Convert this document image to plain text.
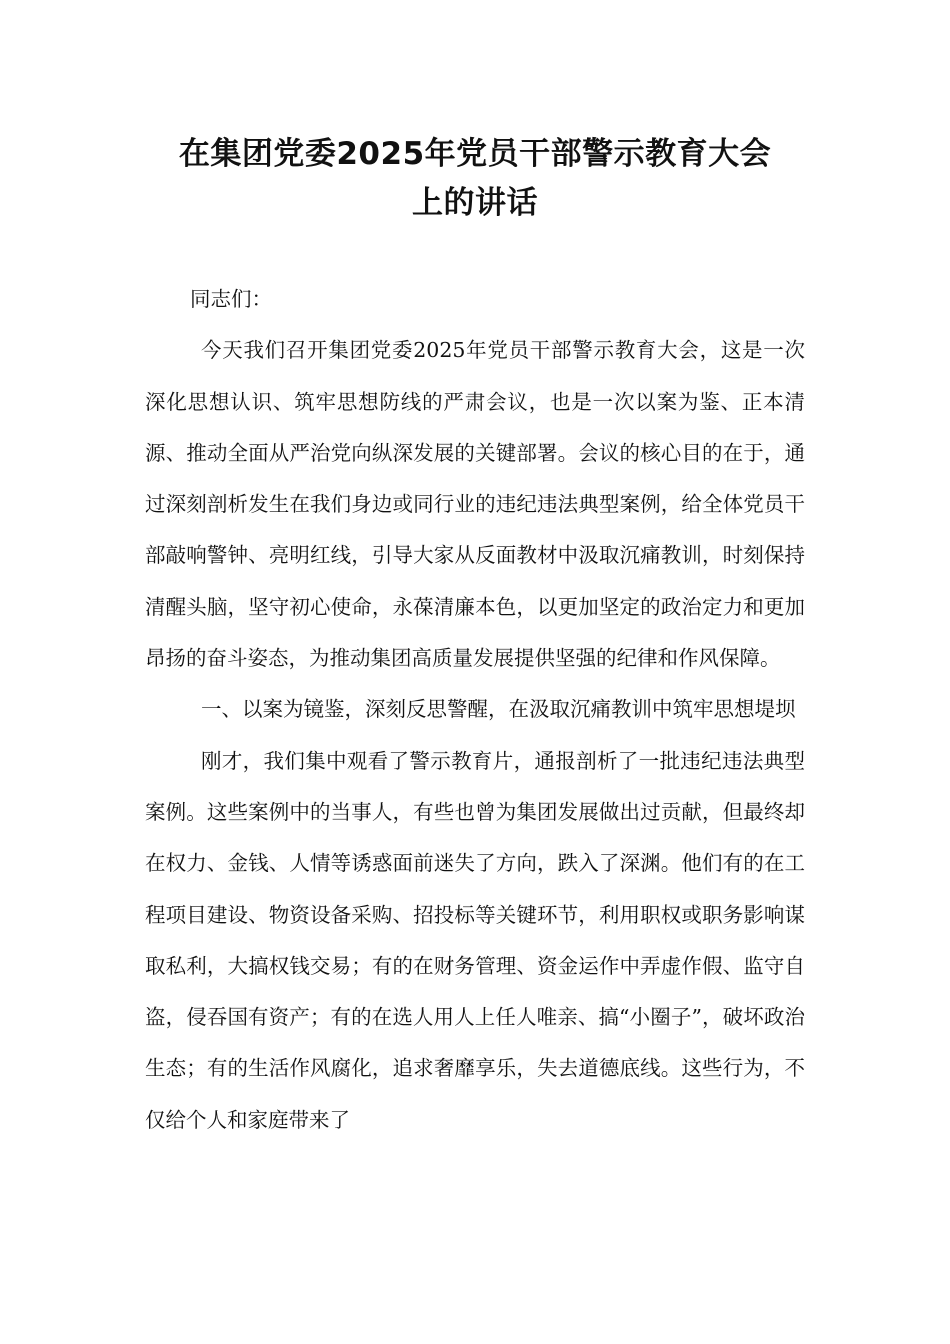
在集团党委2025年党员干部警示教育大会
上的讲话

同志们：

今天我们召开集团党委2025年党员干部警示教育大会，这是一次深化思想认识、筑牢思想防线的严肃会议，也是一次以案为鉴、正本清源、推动全面从严治党向纵深发展的关键部署。会议的核心目的在于，通过深刻剖析发生在我们身边或同行业的违纪违法典型案例，给全体党员干部敲响警钟、亮明红线，引导大家从反面教材中汲取沉痛教训，时刻保持清醒头脑，坚守初心使命，永葆清廉本色，以更加坚定的政治定力和更加昂扬的奋斗姿态，为推动集团高质量发展提供坚强的纪律和作风保障。

一、以案为镜鉴，深刻反思警醒，在汲取沉痛教训中筑牢思想堤坝

刚才，我们集中观看了警示教育片，通报剖析了一批违纪违法典型案例。这些案例中的当事人，有些也曾为集团发展做出过贡献，但最终却在权力、金钱、人情等诱惑面前迷失了方向，跌入了深渊。他们有的在工程项目建设、物资设备采购、招投标等关键环节，利用职权或职务影响谋取私利，大搞权钱交易；有的在财务管理、资金运作中弄虚作假、监守自盗，侵吞国有资产；有的在选人用人上任人唯亲、搞“小圈子”，破坏政治生态；有的生活作风腐化，追求奢靡享乐，失去道德底线。这些行为，不仅给个人和家庭带来了
